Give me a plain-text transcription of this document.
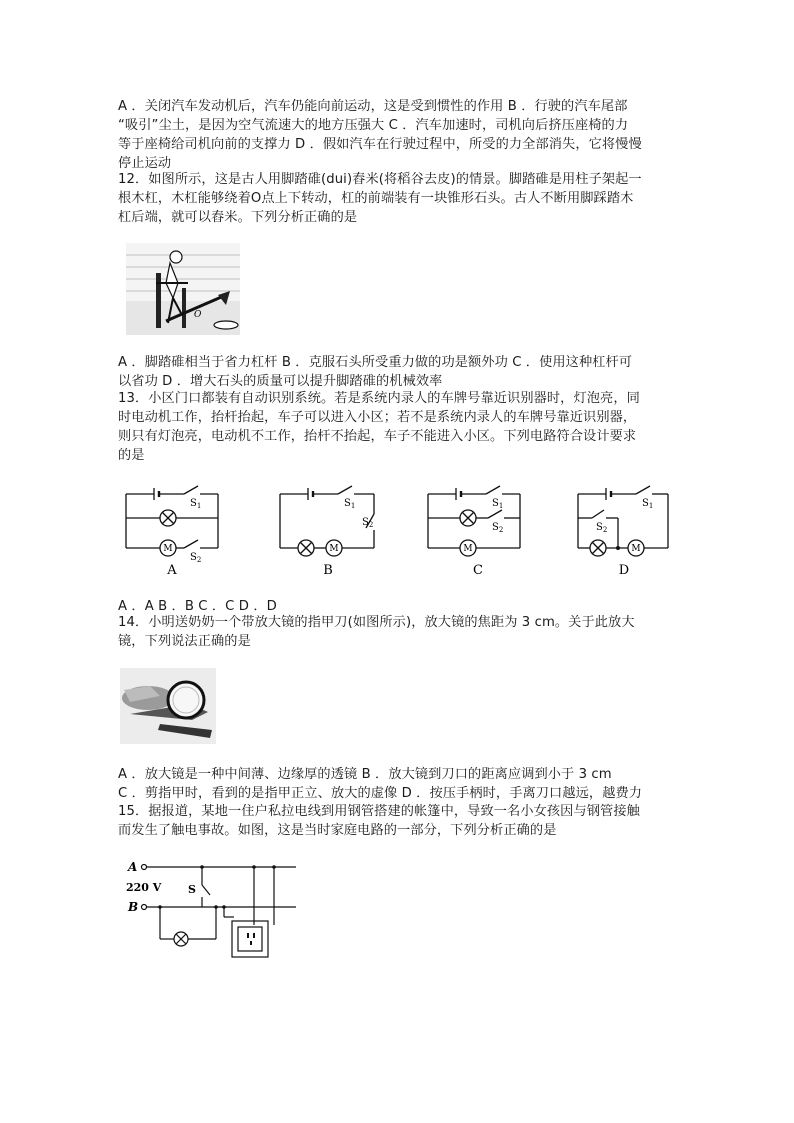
A ．关闭汽车发动机后，汽车仍能向前运动，这是受到惯性的作用 B ．行驶的汽车尾部
“吸引”尘土，是因为空气流速大的地方压强大 C ．汽车加速时，司机向后挤压座椅的力
等于座椅给司机向前的支撑力 D ．假如汽车在行驶过程中，所受的力全部消失，它将慢慢
停止运动
12．如图所示，这是古人用脚踏碓(dui)舂米(将稻谷去皮)的情景。脚踏碓是用柱子架起一
根木杠，木杠能够绕着O点上下转动，杠的前端装有一块锥形石头。古人不断用脚踩踏木
杠后端，就可以舂米。下列分析正确的是
O
A ．脚踏碓相当于省力杠杆 B ．克服石头所受重力做的功是额外功 C ．使用这种杠杆可
以省功 D ．增大石头的质量可以提升脚踏碓的机械效率
13．小区门口都装有自动识别系统。若是系统内录人的车牌号靠近识别器时，灯泡亮，同
时电动机工作，抬杆抬起，车子可以进入小区；若不是系统内录人的车牌号靠近识别器，
则只有灯泡亮，电动机不工作，抬杆不抬起，车子不能进入小区。下列电路符合设计要求
的是
M	M	M	M
$S_1$
$S_2$
$S_1$
$S_2$
$S_1$
$S_2$
$S_1$
$S_2$
A	B	C	D
A ．A B ．B C ．C D ．D
14．小明送奶奶一个带放大镜的指甲刀(如图所示)，放大镜的焦距为 3 cm。关于此放大
镜，下列说法正确的是
A ．放大镜是一种中间薄、边缘厚的透镜 B ．放大镜到刀口的距离应调到小于 3 cm
C ．剪指甲时，看到的是指甲正立、放大的虚像 D ．按压手柄时，手离刀口越远，越费力
15．据报道，某地一住户私拉电线到用钢管搭建的帐篷中，导致一名小女孩因与钢管接触
而发生了触电事故。如图，这是当时家庭电路的一部分，下列分析正确的是
A
220 V
B
S
